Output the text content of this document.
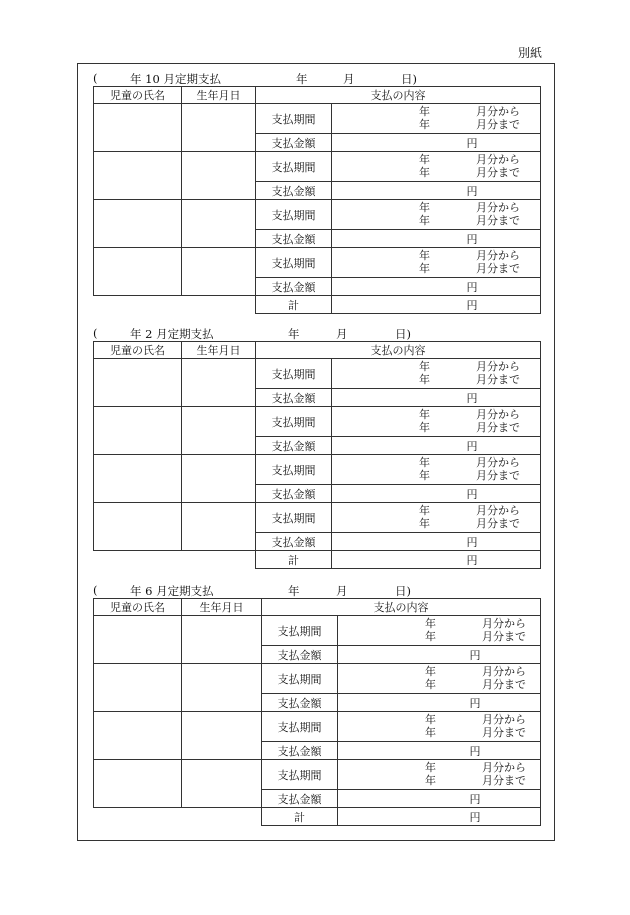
別紙
(	年 10 月定期支払	年	月	日)
児童の氏名	生年月日	支払の内容	
		支払期間	年 月分から
年 月分まで

		支払金額	円
		支払期間	年 月分から
年 月分まで

		支払金額	円
		支払期間	年 月分から
年 月分まで

		支払金額	円
		支払期間	年 月分から
年 月分まで

		支払金額	円
		計	円
(	年 2 月定期支払	年	月	日)
児童の氏名	生年月日	支払の内容	
		支払期間	年 月分から
年 月分まで

		支払金額	円
		支払期間	年 月分から
年 月分まで

		支払金額	円
		支払期間	年 月分から
年 月分まで

		支払金額	円
		支払期間	年 月分から
年 月分まで

		支払金額	円
		計	円
(	年 6 月定期支払	年	月	日)
児童の氏名	生年月日	支払の内容	
		支払期間	年 月分から
年 月分まで

		支払金額	円
		支払期間	年 月分から
年 月分まで

		支払金額	円
		支払期間	年 月分から
年 月分まで

		支払金額	円
		支払期間	年 月分から
年 月分まで

		支払金額	円
		計	円
